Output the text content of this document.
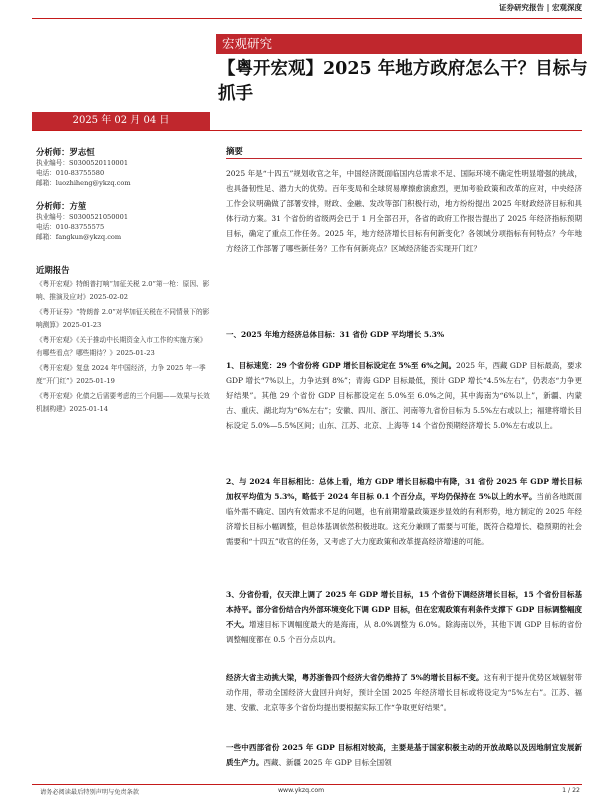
证券研究报告 | 宏观深度
宏观研究
【粤开宏观】2025 年地方政府怎么干？目标与抓手
2025 年 02 月 04 日
分析师：罗志恒
执业编号：S0300520110001
电话：010-83755580
邮箱：luozhiheng@ykzq.com
分析师：方堃
执业编号：S0300521050001
电话：010-83755575
邮箱：fangkun@ykzq.com
近期报告

《粤开宏观》特朗普打响“加征关税 2.0”第一枪：原因、影响、推演及应对》2025-02-02

《粤开证券》“特朗普 2.0”对华加征关税在不同情景下的影响测算》2025-01-23

《粤开宏观》《关于推动中长期资金入市工作的实施方案》有哪些看点？哪些期待？》2025-01-23

《粤开宏观》复盘 2024 年中国经济，力争 2025 年一季度“开门红”》2025-01-19

《粤开宏观》化债之后需要考虑的三个问题——效果与长效机制构建》2025-01-14

摘要

2025 年是“十四五”规划收官之年，中国经济既面临国内总需求不足、国际环境不确定性明显增强的挑战，也具备韧性足、潜力大的优势。百年变局和全球贸易摩擦愈演愈烈，更加考验政策和改革的应对，中央经济工作会议明确做了部署安排，财政、金融、发改等部门积极行动，地方纷纷提出 2025 年财政经济目标和具体行动方案。31 个省份的省级两会已于 1 月全部召开，各省的政府工作报告提出了 2025 年经济指标预期目标，确定了重点工作任务。2025 年，地方经济增长目标有何新变化？各领域分项指标有何特点？今年地方经济工作部署了哪些新任务？工作有何新亮点？区域经济能否实现开门红？

一、2025 年地方经济总体目标：31 省份 GDP 平均增长 5.3%

1、目标速览：29 个省份将 GDP 增长目标设定在 5%至 6%之间。2025 年，西藏 GDP 目标最高，要求 GDP 增长“7%以上，力争达到 8%”；青海 GDP 目标最低，预计 GDP 增长“4.5%左右”，仍表态“力争更好结果”。其他 29 个省份 GDP 目标都设定在 5.0%至 6.0%之间，其中海南为“6%以上”，新疆、内蒙古、重庆、湖北均为“6%左右”；安徽、四川、浙江、河南等九省份目标为 5.5%左右或以上；福建将增长目标设定 5.0%—5.5%区间；山东、江苏、北京、上海等 14 个省份预期经济增长 5.0%左右或以上。

2、与 2024 年目标相比：总体上看，地方 GDP 增长目标稳中有降，31 省份 2025 年 GDP 增长目标加权平均值为 5.3%，略低于 2024 年目标 0.1 个百分点，平均仍保持在 5%以上的水平。当前各地既面临外需不确定、国内有效需求不足的问题，也有前期增量政策逐步显效的有利形势，地方制定的 2025 年经济增长目标小幅调整，但总体基调依然积极进取。这充分兼顾了需要与可能，既符合稳增长、稳预期的社会需要和“十四五”收官的任务，又考虑了大力度政策和改革提高经济增速的可能。

3、分省份看，仅天津上调了 2025 年 GDP 增长目标，15 个省份下调经济增长目标，15 个省份目标基本持平。部分省份结合内外部环境变化下调 GDP 目标，但在宏观政策有利条件支撑下 GDP 目标调整幅度不大。增速目标下调幅度最大的是海南，从 8.0%调整为 6.0%。除海南以外，其他下调 GDP 目标的省份调整幅度都在 0.5 个百分点以内。

经济大省主动挑大梁，粤苏浙鲁四个经济大省仍维持了 5%的增长目标不变。这有利于提升优势区域辐射带动作用，带动全国经济大盘回升向好，预计全国 2025 年经济增长目标或将设定为“5%左右”。江苏、福建、安徽、北京等多个省份均提出要根据实际工作“争取更好结果”。

一些中西部省份 2025 年 GDP 目标相对较高，主要是基于国家积极主动的开放战略以及因地制宜发展新质生产力。西藏、新疆 2025 年 GDP 目标全国领

请务必阅读最后特别声明与免责条款	www.ykzq.com	1 / 22
